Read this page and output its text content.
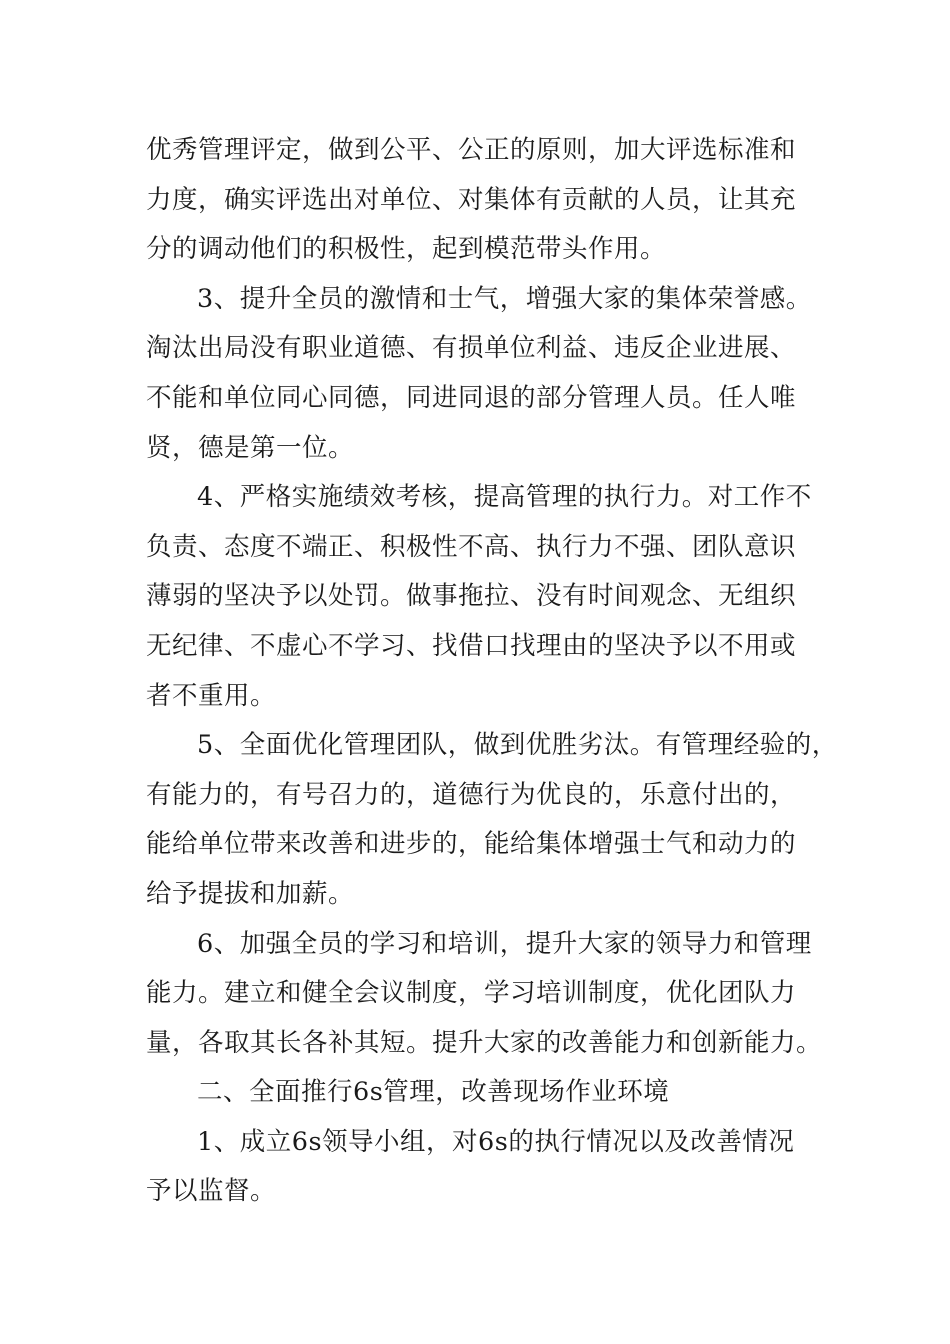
优秀管理评定，做到公平、公正的原则，加大评选标准和
力度，确实评选出对单位、对集体有贡献的人员，让其充
分的调动他们的积极性，起到模范带头作用。
3、提升全员的激情和士气，增强大家的集体荣誉感。
淘汰出局没有职业道德、有损单位利益、违反企业进展、
不能和单位同心同德，同进同退的部分管理人员。任人唯
贤，德是第一位。
4、严格实施绩效考核，提高管理的执行力。对工作不
负责、态度不端正、积极性不高、执行力不强、团队意识
薄弱的坚决予以处罚。做事拖拉、没有时间观念、无组织
无纪律、不虚心不学习、找借口找理由的坚决予以不用或
者不重用。
5、全面优化管理团队，做到优胜劣汰。有管理经验的，
有能力的，有号召力的，道德行为优良的，乐意付出的，
能给单位带来改善和进步的，能给集体增强士气和动力的
给予提拔和加薪。
6、加强全员的学习和培训，提升大家的领导力和管理
能力。建立和健全会议制度，学习培训制度，优化团队力
量，各取其长各补其短。提升大家的改善能力和创新能力。
二、全面推行6s管理，改善现场作业环境
1、成立6s领导小组，对6s的执行情况以及改善情况
予以监督。
